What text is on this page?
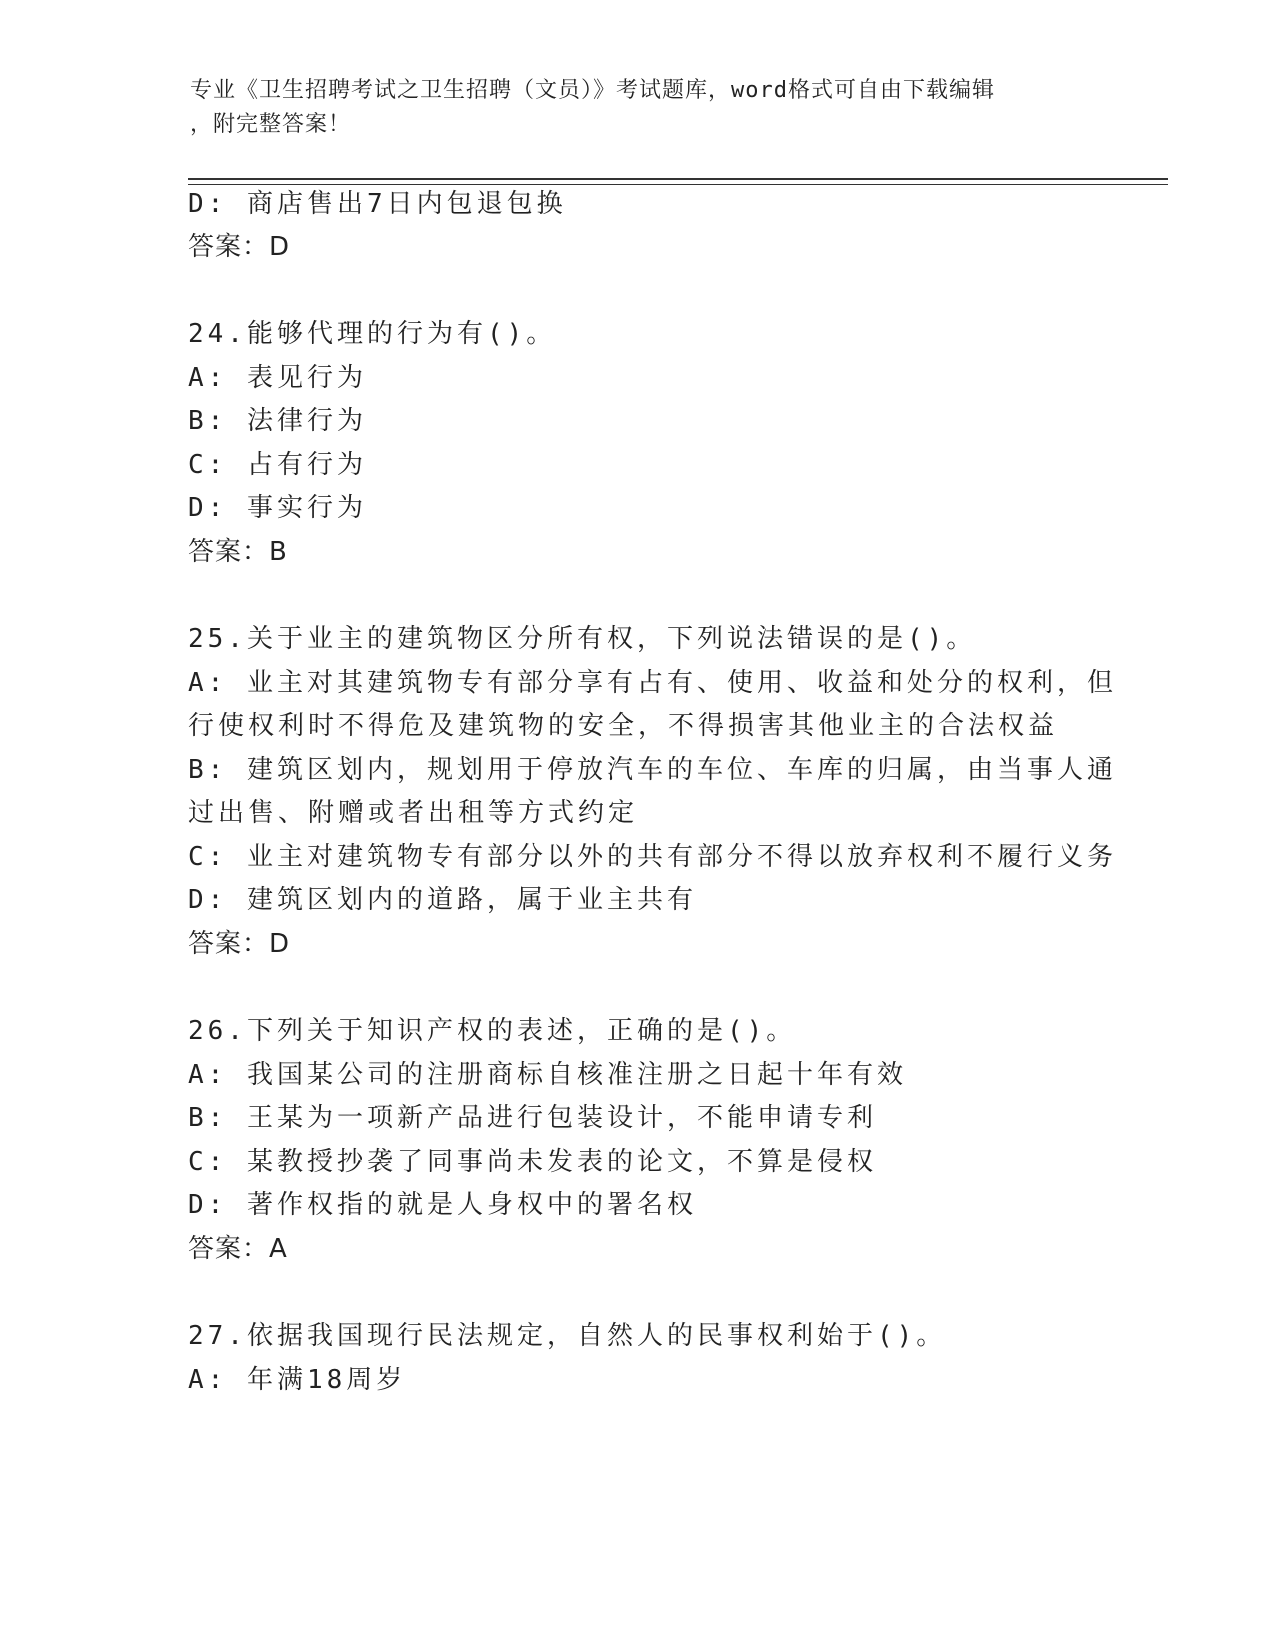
专业《卫生招聘考试之卫生招聘（文员）》考试题库，word格式可自由下载编辑
，附完整答案！
D: 商店售出7日内包退包换
答案：D
24.能够代理的行为有()。
A: 表见行为
B: 法律行为
C: 占有行为
D: 事实行为
答案：B
25.关于业主的建筑物区分所有权，下列说法错误的是()。
A: 业主对其建筑物专有部分享有占有、使用、收益和处分的权利，但
行使权利时不得危及建筑物的安全，不得损害其他业主的合法权益
B: 建筑区划内，规划用于停放汽车的车位、车库的归属，由当事人通
过出售、附赠或者出租等方式约定
C: 业主对建筑物专有部分以外的共有部分不得以放弃权利不履行义务
D: 建筑区划内的道路，属于业主共有
答案：D
26.下列关于知识产权的表述，正确的是()。
A: 我国某公司的注册商标自核准注册之日起十年有效
B: 王某为一项新产品进行包装设计，不能申请专利
C: 某教授抄袭了同事尚未发表的论文，不算是侵权
D: 著作权指的就是人身权中的署名权
答案：A
27.依据我国现行民法规定，自然人的民事权利始于()。
A: 年满18周岁
